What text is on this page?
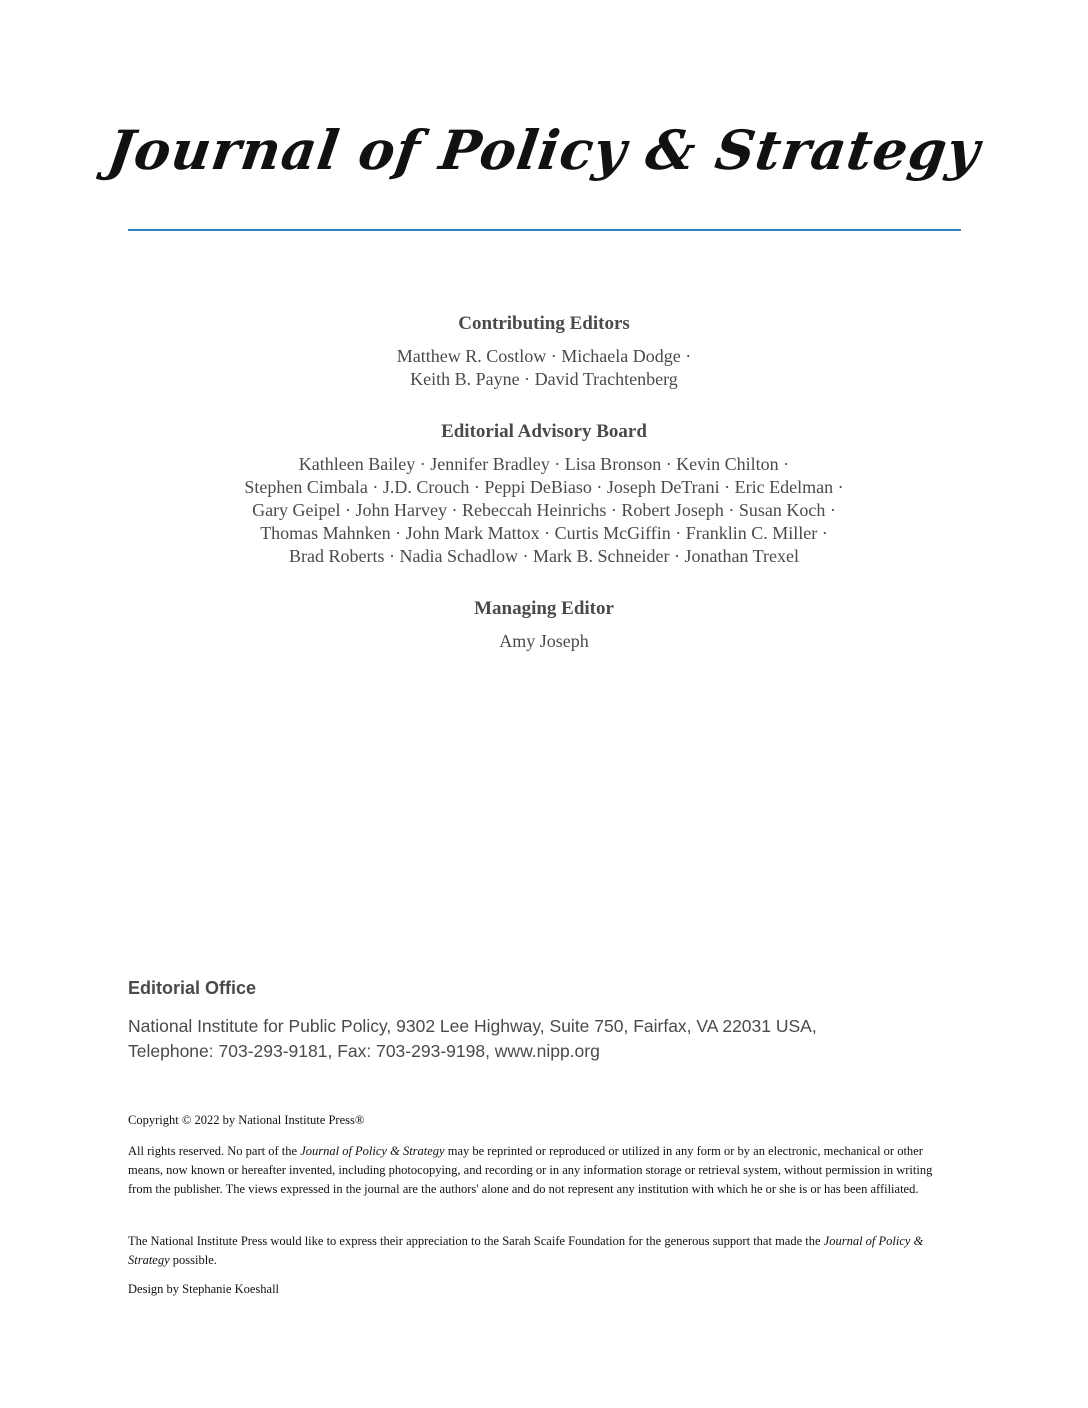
Journal of Policy & Strategy
Contributing Editors
Matthew R. Costlow · Michaela Dodge ·
Keith B. Payne · David Trachtenberg
Editorial Advisory Board
Kathleen Bailey · Jennifer Bradley · Lisa Bronson · Kevin Chilton ·
Stephen Cimbala · J.D. Crouch · Peppi DeBiaso · Joseph DeTrani · Eric Edelman ·
Gary Geipel · John Harvey · Rebeccah Heinrichs · Robert Joseph · Susan Koch ·
Thomas Mahnken · John Mark Mattox · Curtis McGiffin · Franklin C. Miller ·
Brad Roberts · Nadia Schadlow · Mark B. Schneider · Jonathan Trexel
Managing Editor
Amy Joseph
Editorial Office
National Institute for Public Policy, 9302 Lee Highway, Suite 750, Fairfax, VA 22031 USA,
Telephone: 703-293-9181, Fax: 703-293-9198, www.nipp.org
Copyright © 2022 by National Institute Press®
All rights reserved. No part of the Journal of Policy & Strategy may be reprinted or reproduced or utilized in any form or by an electronic, mechanical or other means, now known or hereafter invented, including photocopying, and recording or in any information storage or retrieval system, without permission in writing from the publisher. The views expressed in the journal are the authors' alone and do not represent any institution with which he or she is or has been affiliated.
The National Institute Press would like to express their appreciation to the Sarah Scaife Foundation for the generous support that made the Journal of Policy & Strategy possible.
Design by Stephanie Koeshall
